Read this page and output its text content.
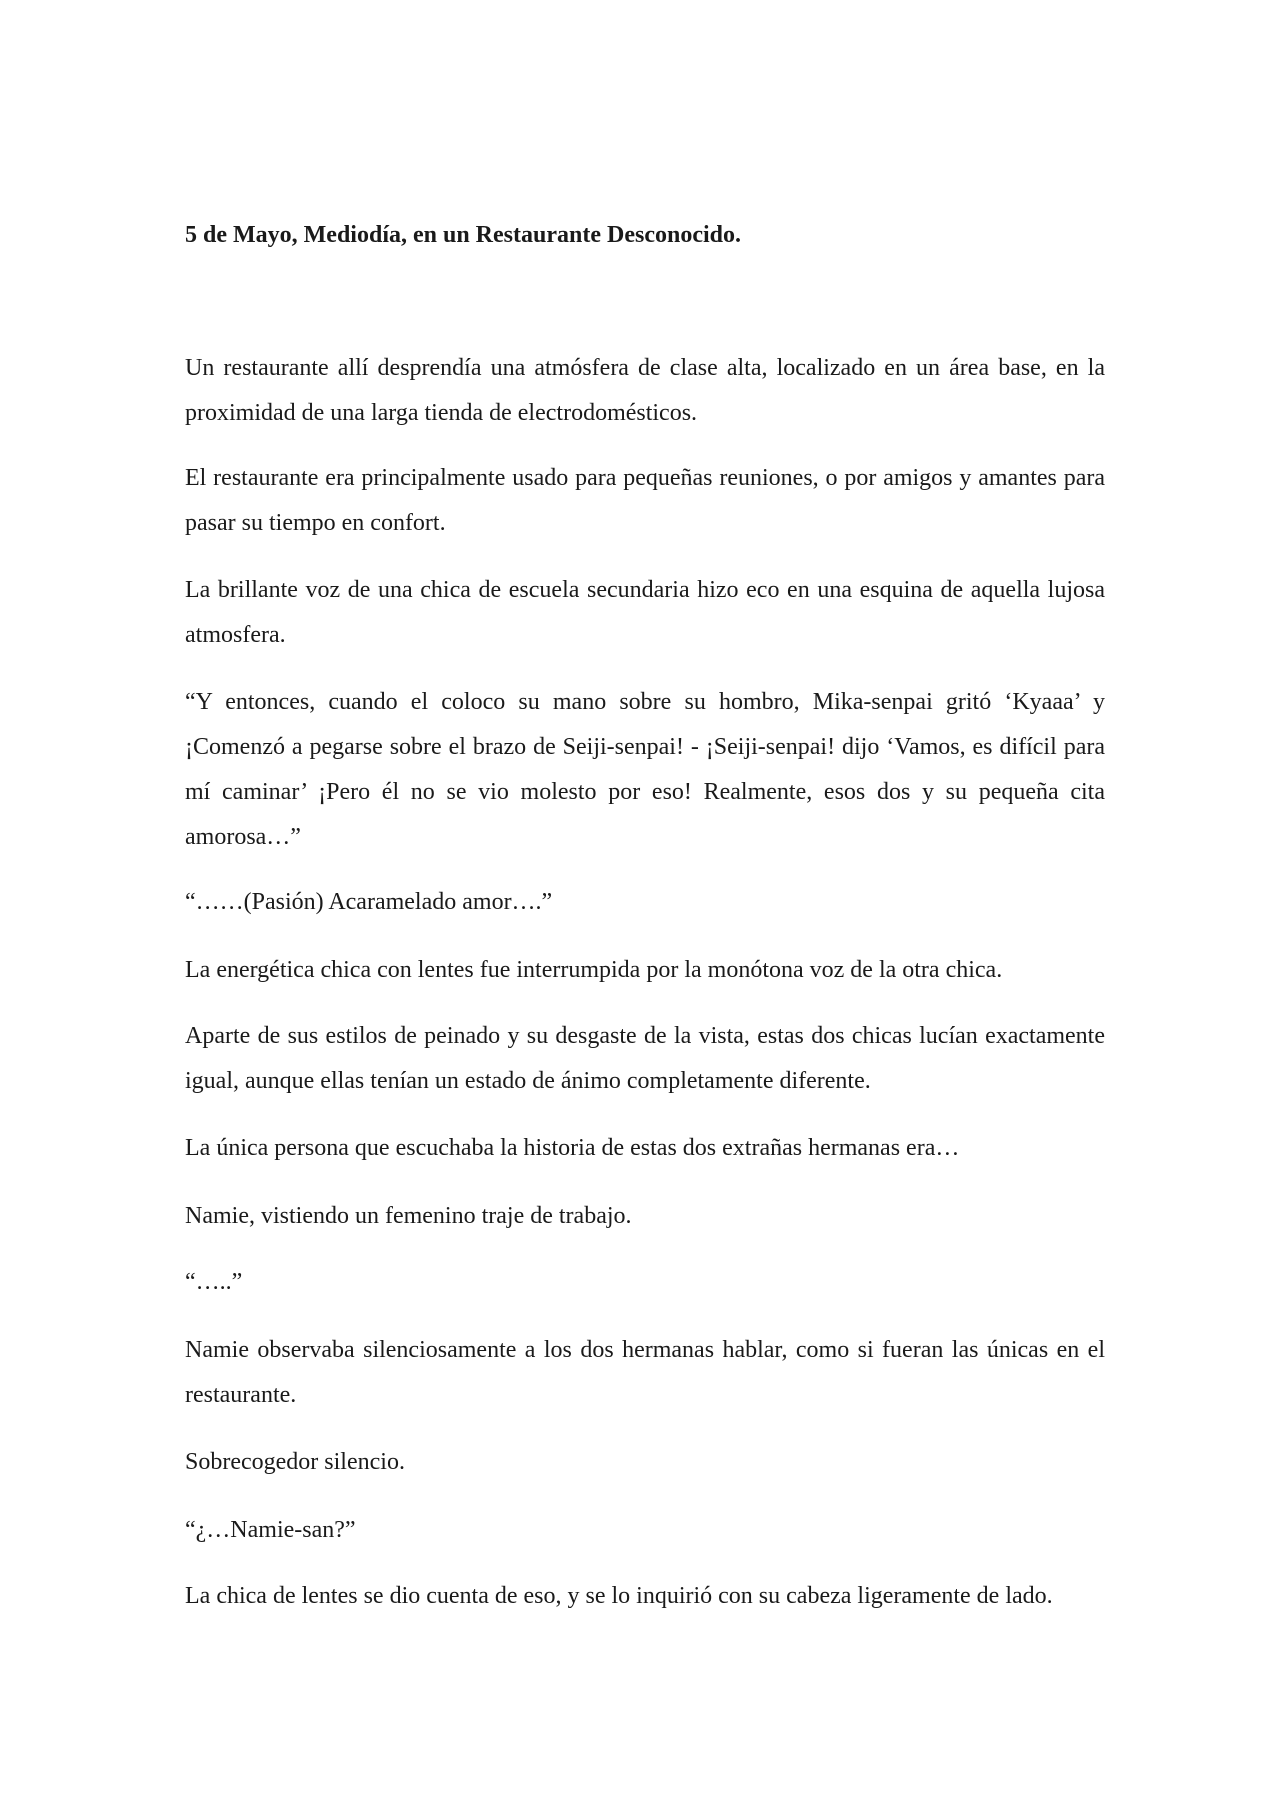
5 de Mayo, Mediodía, en un Restaurante Desconocido.

Un restaurante allí desprendía una atmósfera de clase alta, localizado en un área base, en la proximidad de una larga tienda de electrodomésticos.

El restaurante era principalmente usado para pequeñas reuniones, o por amigos y amantes para pasar su tiempo en confort.

La brillante voz de una chica de escuela secundaria hizo eco en una esquina de aquella lujosa atmosfera.

“Y entonces, cuando el coloco su mano sobre su hombro, Mika-senpai gritó ‘Kyaaa’ y ¡Comenzó a pegarse sobre el brazo de Seiji-senpai! - ¡Seiji-senpai! dijo ‘Vamos, es difícil para mí caminar’ ¡Pero él no se vio molesto por eso! Realmente, esos dos y su pequeña cita amorosa…”

“……(Pasión) Acaramelado amor….”

La energética chica con lentes fue interrumpida por la monótona voz de la otra chica.

Aparte de sus estilos de peinado y su desgaste de la vista, estas dos chicas lucían exactamente igual, aunque ellas tenían un estado de ánimo completamente diferente.

La única persona que escuchaba la historia de estas dos extrañas hermanas era…

Namie, vistiendo un femenino traje de trabajo.

“…..”

Namie observaba silenciosamente a los dos hermanas hablar, como si fueran las únicas en el restaurante.

Sobrecogedor silencio.

“¿…Namie-san?”

La chica de lentes se dio cuenta de eso, y se lo inquirió con su cabeza ligeramente de lado.
